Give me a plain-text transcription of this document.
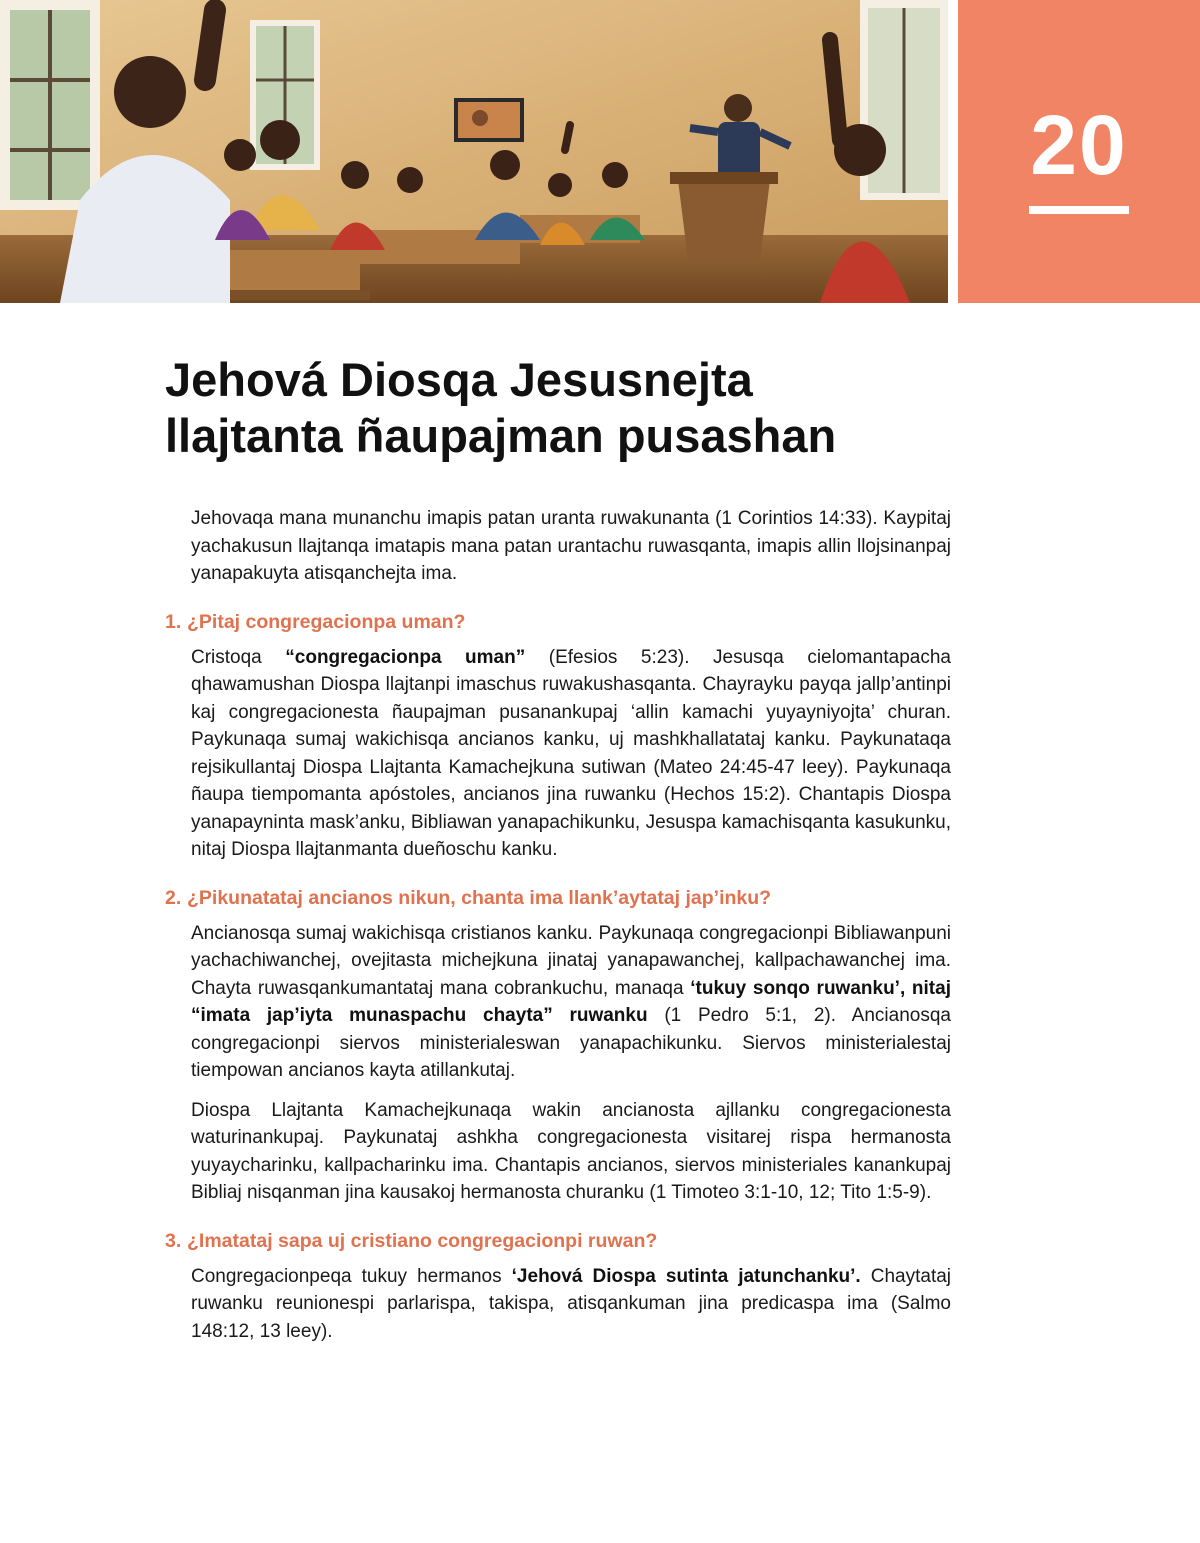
20
Jehová Diosqa Jesusnejta
llajtanta ñaupajman pusashan

Jehovaqa mana munanchu imapis patan uranta ruwakunanta (1 Corintios 14:33). Kaypitaj yachakusun llajtanqa imatapis mana patan urantachu ruwasqanta, imapis allin llojsinanpaj yanapakuyta atisqanchejta ima.

1. ¿Pitaj congregacionpa uman?

Cristoqa “congregacionpa uman” (Efesios 5:23). Jesusqa cielomantapacha qhawamushan Diospa llajtanpi imaschus ruwakushasqanta. Chayrayku payqa jallp’antinpi kaj congregacionesta ñaupajman pusanankupaj ‘allin kamachi yuyayniyojta’ churan. Paykunaqa sumaj wakichisqa ancianos kanku, uj mashkhallatataj kanku. Paykunataqa rejsikullantaj Diospa Llajtanta Kamachejkuna sutiwan (Mateo 24:45-47 leey). Paykunaqa ñaupa tiempomanta apóstoles, ancianos jina ruwanku (Hechos 15:2). Chantapis Diospa yanapayninta mask’anku, Bibliawan yanapachikunku, Jesuspa kamachisqanta kasukunku, nitaj Diospa llajtanmanta dueñoschu kanku.

2. ¿Pikunatataj ancianos nikun, chanta ima llank’aytataj jap’inku?

Ancianosqa sumaj wakichisqa cristianos kanku. Paykunaqa congregacionpi Bibliawanpuni yachachiwanchej, ovejitasta michejkuna jinataj yanapawanchej, kallpachawanchej ima. Chayta ruwasqankumantataj mana cobrankuchu, manaqa ‘tukuy sonqo ruwanku’, nitaj “imata jap’iyta munaspachu chayta” ruwanku (1 Pedro 5:1, 2). Ancianosqa congregacionpi siervos ministerialeswan yanapachikunku. Siervos ministerialestaj tiempowan ancianos kayta atillankutaj.

Diospa Llajtanta Kamachejkunaqa wakin ancianosta ajllanku congregacionesta waturinankupaj. Paykunataj ashkha congregacionesta visitarej rispa hermanosta yuyaycharinku, kallpacharinku ima. Chantapis ancianos, siervos ministeriales kanankupaj Bibliaj nisqanman jina kausakoj hermanosta churanku (1 Timoteo 3:1-10, 12; Tito 1:5-9).

3. ¿Imatataj sapa uj cristiano congregacionpi ruwan?

Congregacionpeqa tukuy hermanos ‘Jehová Diospa sutinta jatunchanku’. Chaytataj ruwanku reunionespi parlarispa, takispa, atisqankuman jina predicaspa ima (Salmo 148:12, 13 leey).
